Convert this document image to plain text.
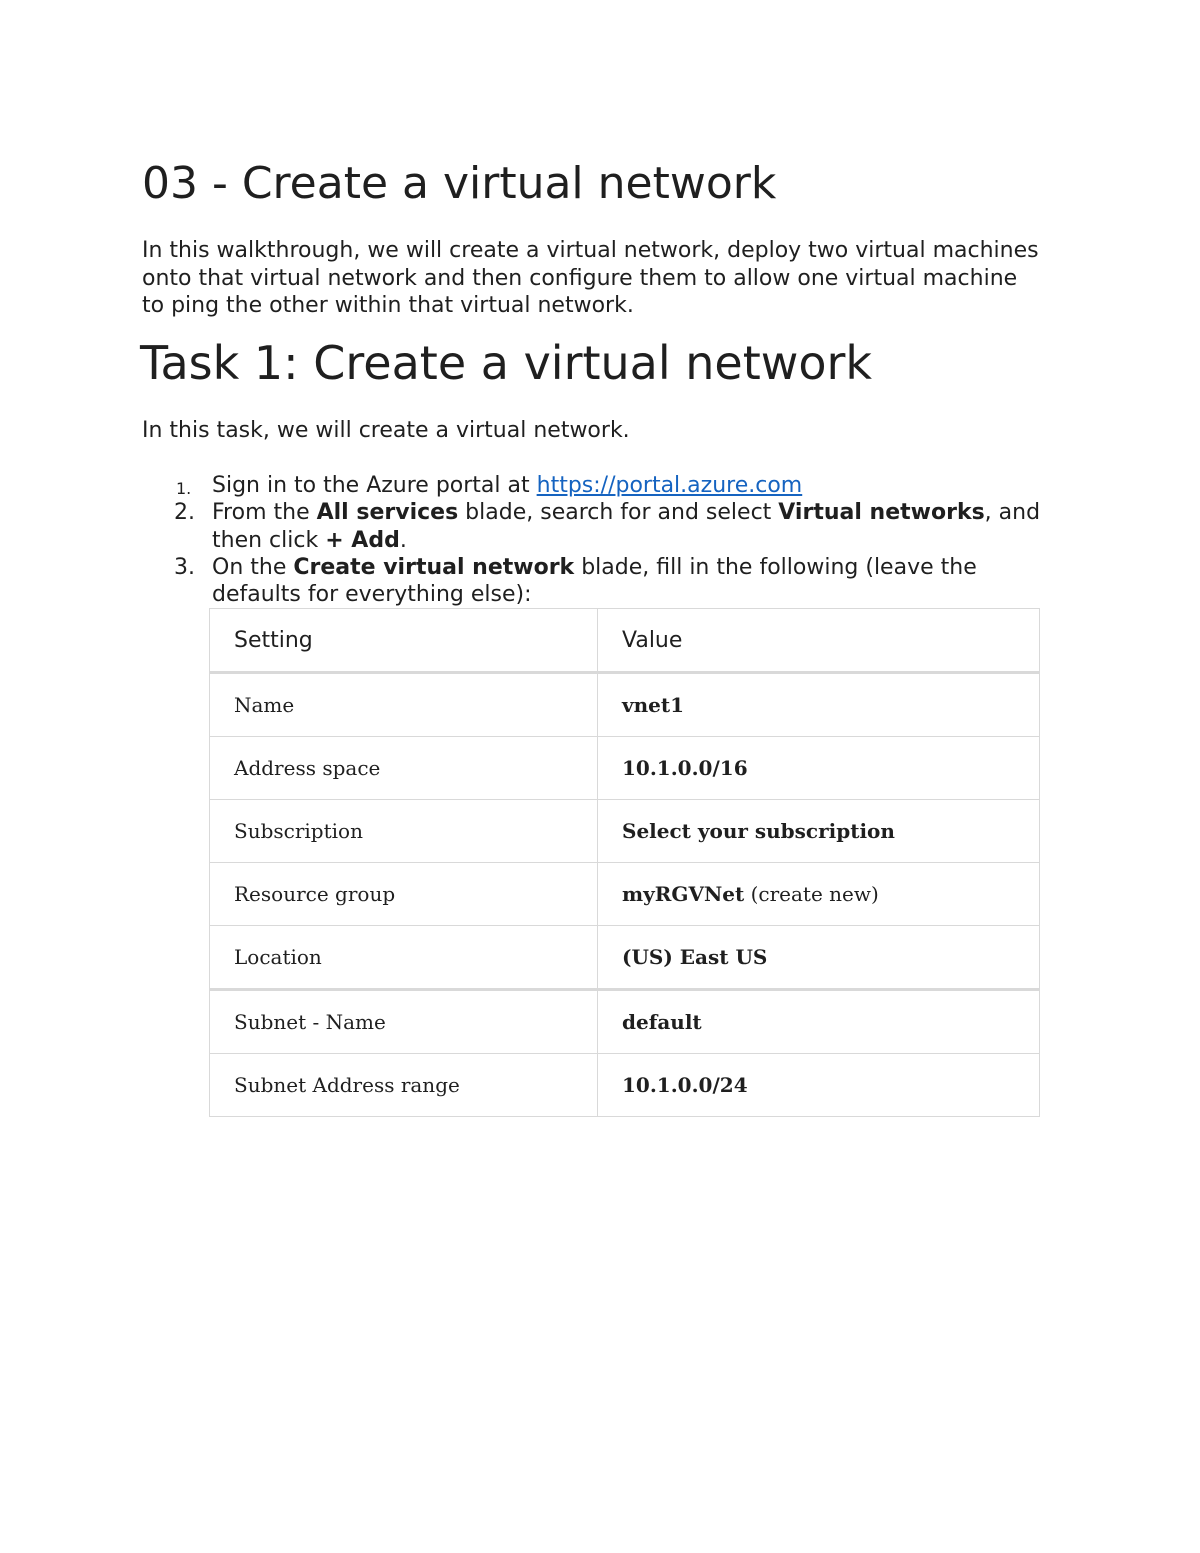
03 - Create a virtual network

In this walkthrough, we will create a virtual network, deploy two virtual machines onto that virtual network and then configure them to allow one virtual machine to ping the other within that virtual network.

Task 1: Create a virtual network

In this task, we will create a virtual network.

1. Sign in to the Azure portal at https://portal.azure.com
2. From the All services blade, search for and select Virtual networks, and then click + Add.
3. On the Create virtual network blade, fill in the following (leave the defaults for everything else):
Setting	Value
Name	vnet1
Address space	10.1.0.0/16
Subscription	Select your subscription
Resource group	myRGVNet (create new)
Location	(US) East US
Subnet - Name	default
Subnet Address range	10.1.0.0/24
